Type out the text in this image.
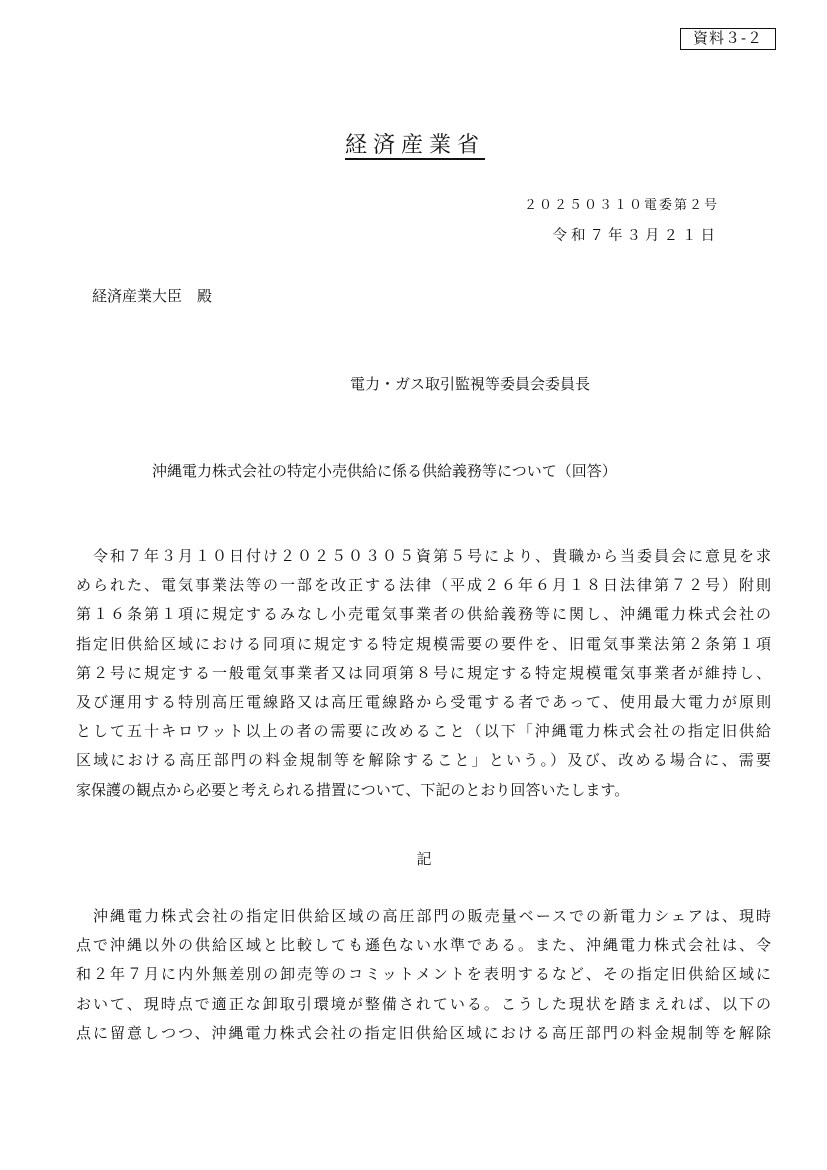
資料３-２
経済産業省
２０２５０３１０電委第２号
令和７年３月２１日
経済産業大臣　殿
電力・ガス取引監視等委員会委員長
沖縄電力株式会社の特定小売供給に係る供給義務等について（回答）
　令和７年３月１０日付け２０２５０３０５資第５号により、貴職から当委員会に意見を求
められた、電気事業法等の一部を改正する法律（平成２６年６月１８日法律第７２号）附則
第１６条第１項に規定するみなし小売電気事業者の供給義務等に関し、沖縄電力株式会社の
指定旧供給区域における同項に規定する特定規模需要の要件を、旧電気事業法第２条第１項
第２号に規定する一般電気事業者又は同項第８号に規定する特定規模電気事業者が維持し、
及び運用する特別高圧電線路又は高圧電線路から受電する者であって、使用最大電力が原則
として五十キロワット以上の者の需要に改めること（以下「沖縄電力株式会社の指定旧供給
区域における高圧部門の料金規制等を解除すること」という。）及び、改める場合に、需要
家保護の観点から必要と考えられる措置について、下記のとおり回答いたします。
記
　沖縄電力株式会社の指定旧供給区域の高圧部門の販売量ベースでの新電力シェアは、現時
点で沖縄以外の供給区域と比較しても遜色ない水準である。また、沖縄電力株式会社は、令
和２年７月に内外無差別の卸売等のコミットメントを表明するなど、その指定旧供給区域に
おいて、現時点で適正な卸取引環境が整備されている。こうした現状を踏まえれば、以下の
点に留意しつつ、沖縄電力株式会社の指定旧供給区域における高圧部門の料金規制等を解除
